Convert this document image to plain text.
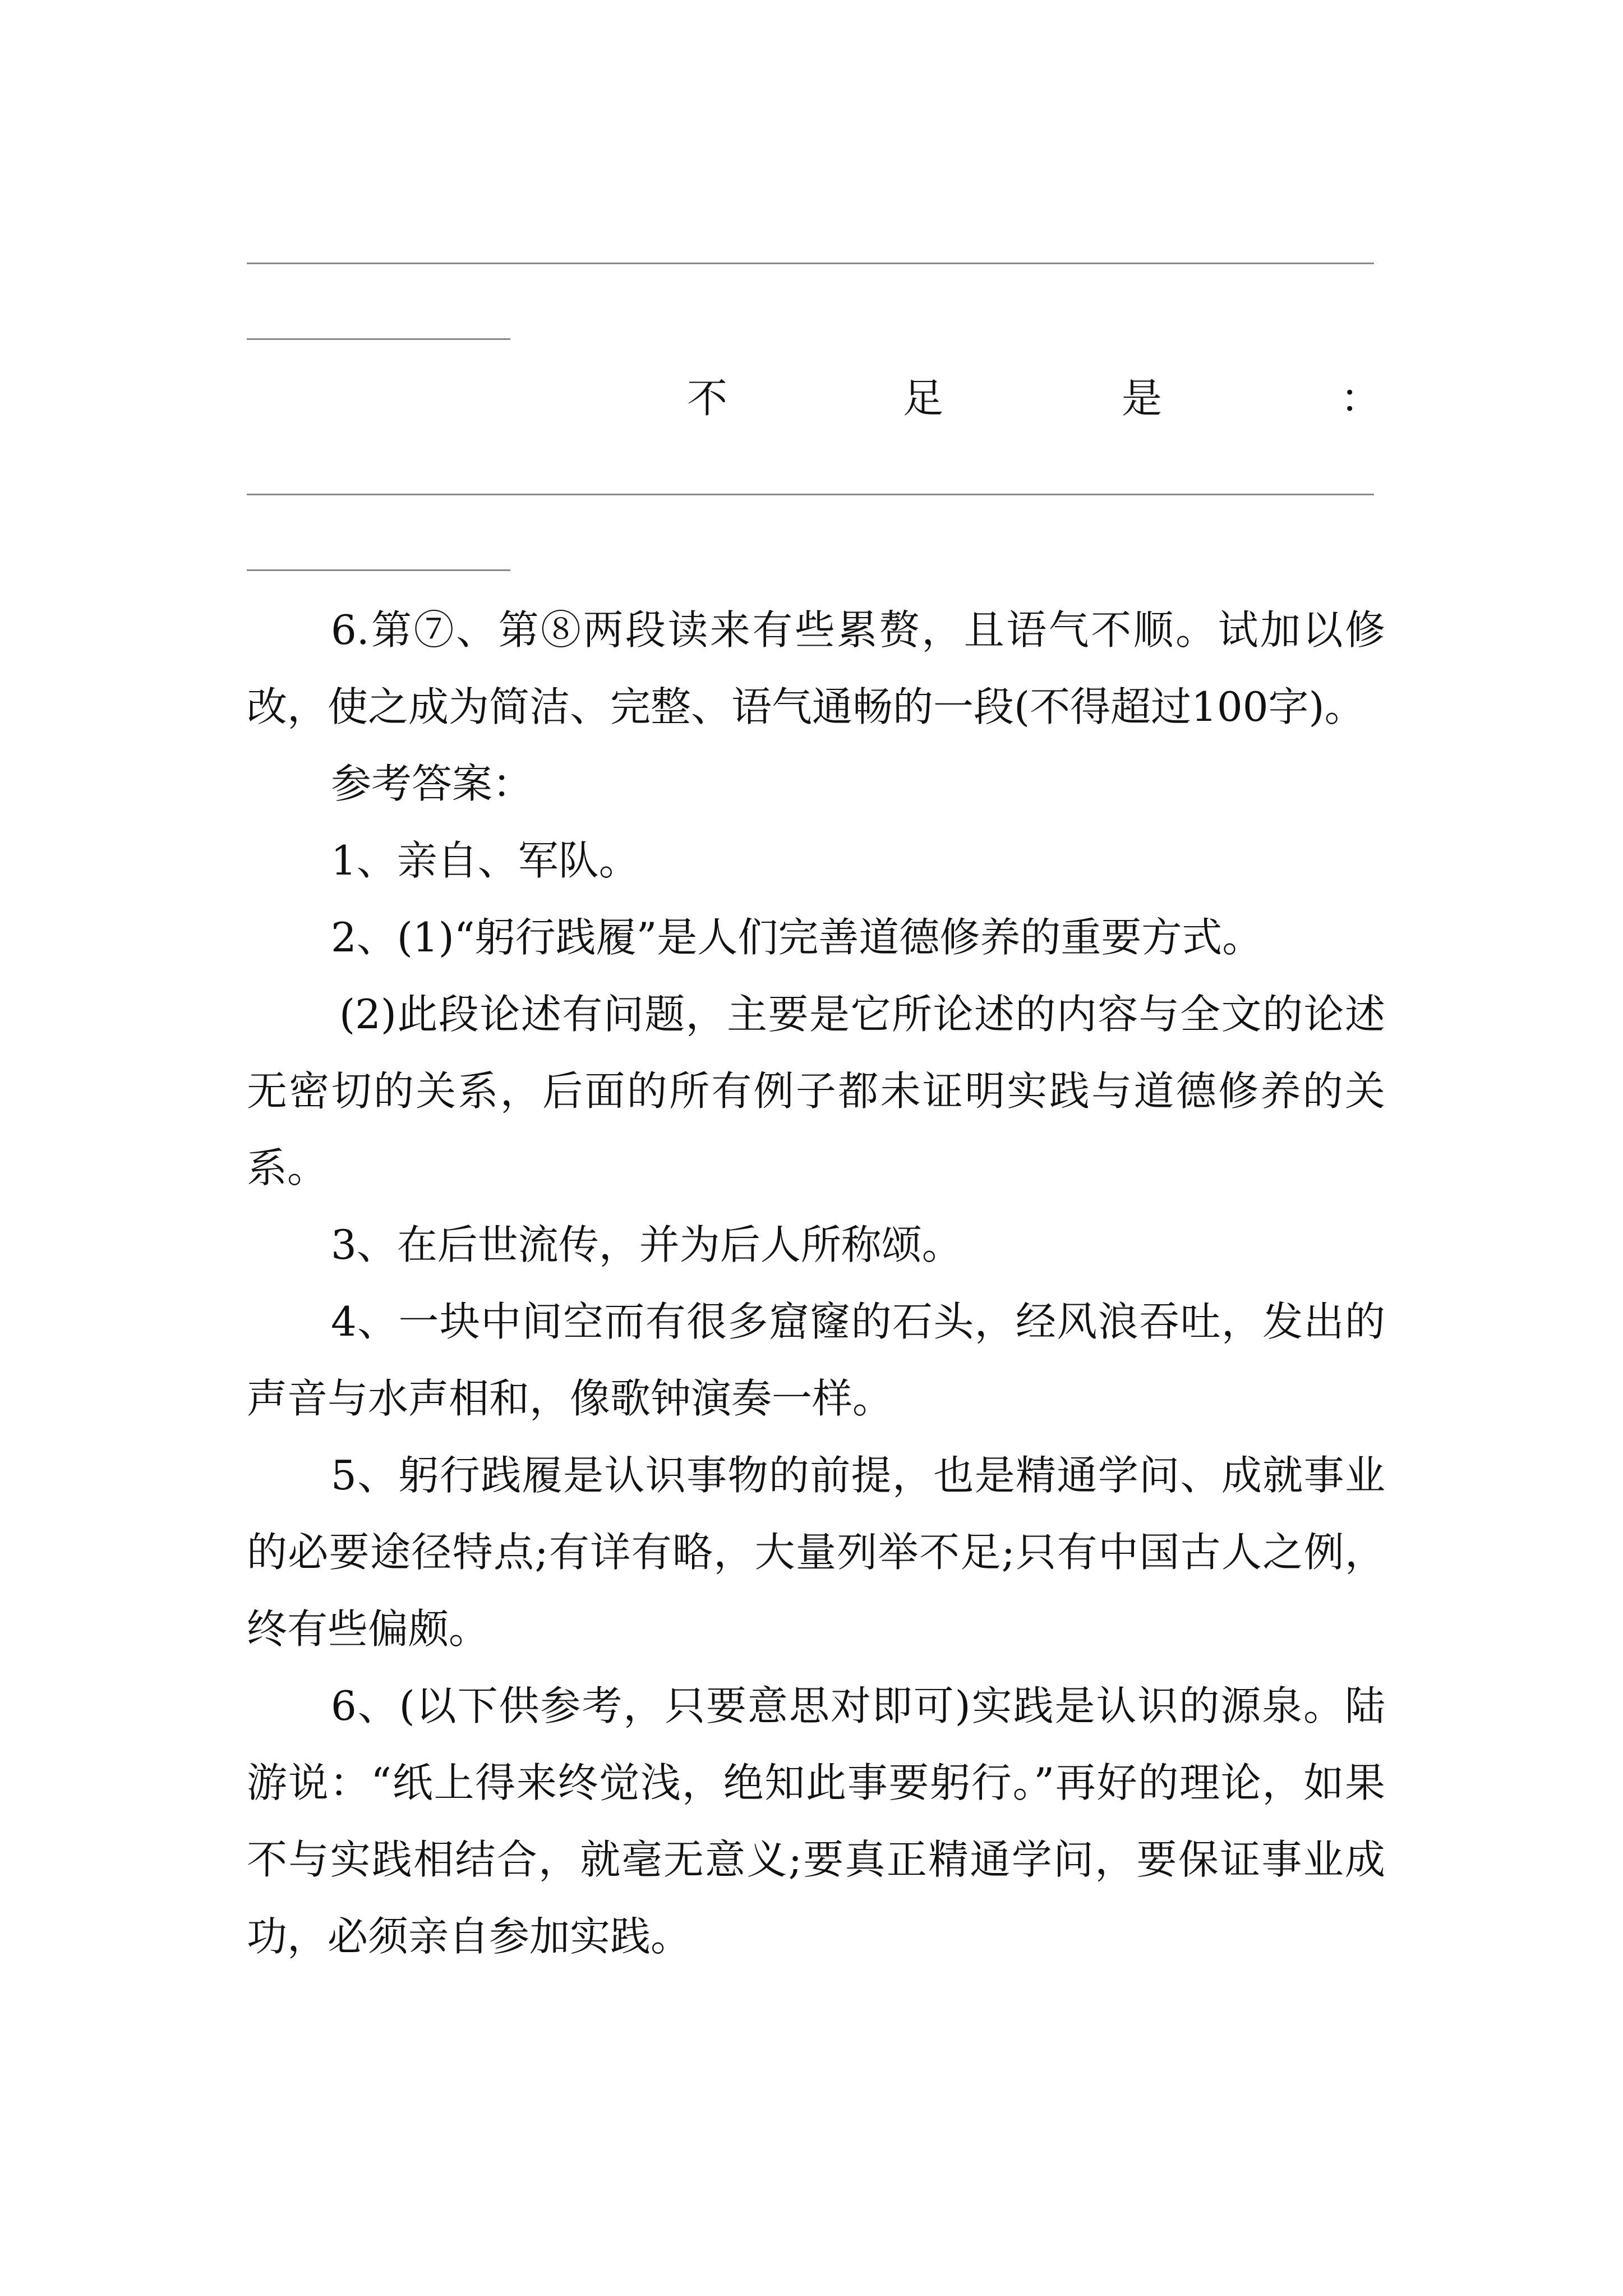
不	足	是	：

6.第⑦、第⑧两段读来有些累赘，且语气不顺。试加以修改，使之成为简洁、完整、语气通畅的一段(不得超过100字)。

参考答案：

1、亲自、军队。

2、(1)“躬行践履”是人们完善道德修养的重要方式。

(2)此段论述有问题，主要是它所论述的内容与全文的论述无密切的关系，后面的所有例子都未证明实践与道德修养的关系。

3、在后世流传，并为后人所称颂。

4、一块中间空而有很多窟窿的石头，经风浪吞吐，发出的声音与水声相和，像歌钟演奏一样。

5、躬行践履是认识事物的前提，也是精通学问、成就事业的必要途径特点;有详有略，大量列举不足;只有中国古人之例，终有些偏颇。

6、(以下供参考，只要意思对即可)实践是认识的源泉。陆游说：“纸上得来终觉浅，绝知此事要躬行。”再好的理论，如果不与实践相结合，就毫无意义;要真正精通学问，要保证事业成功，必须亲自参加实践。
